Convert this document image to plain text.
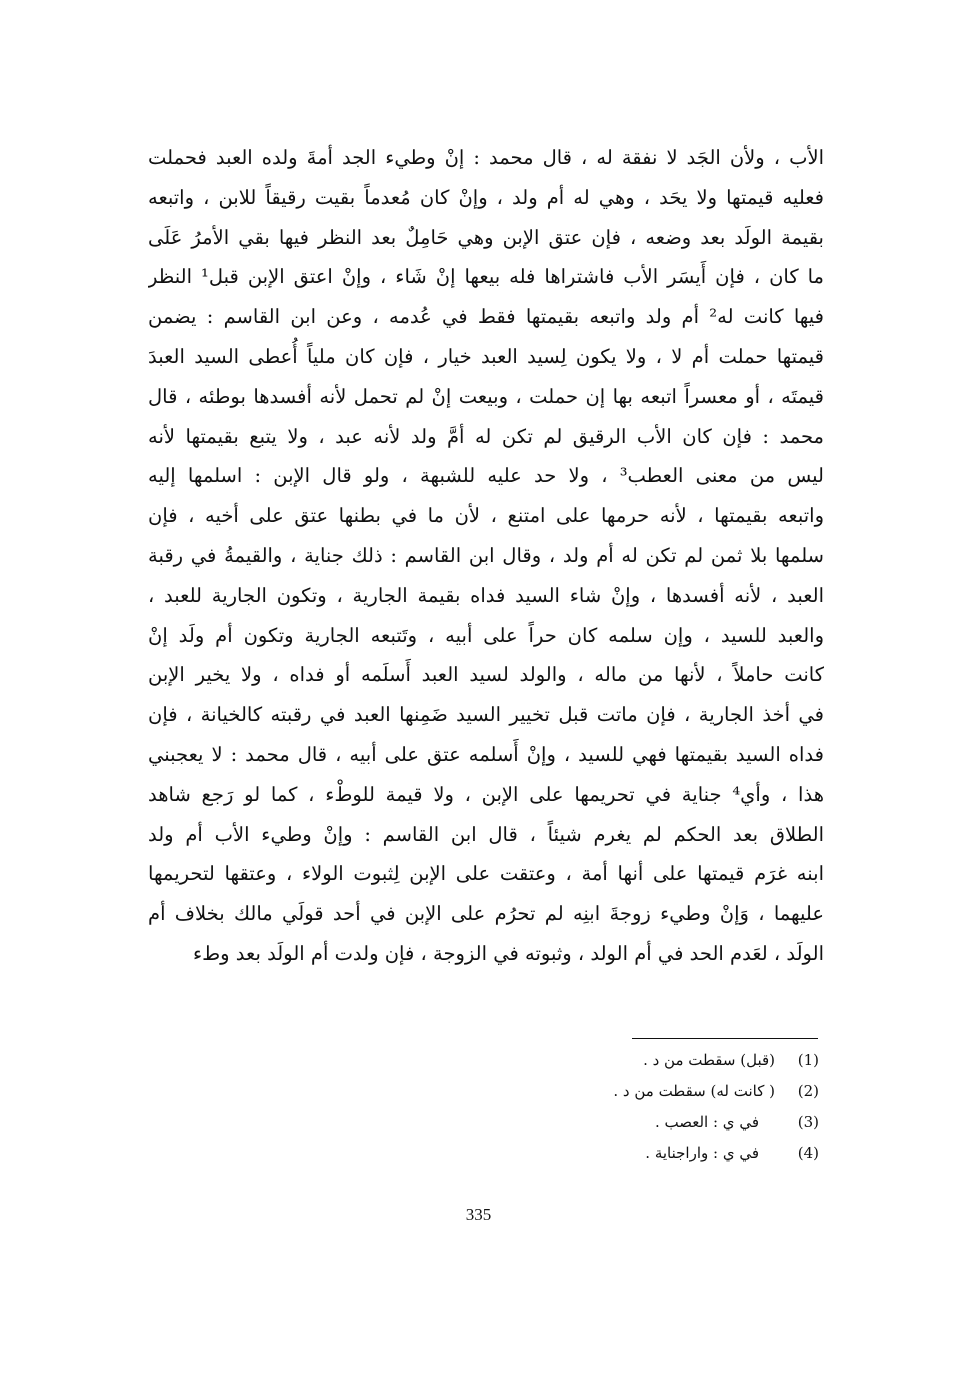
الأب ، ولأن الجَد لا نفقة له ، قال محمد : إنْ وطيء الجد أمةَ ولده العبد فحملت
فعليه قيمتها ولا يحَد ، وهي له أم ولد ، وإنْ كان مُعدماً بقيت رقيقاً للابن ، واتبعه
بقيمة الولَد بعد وضعه ، فإن عتق الإبن وهي حَامِلٌ بعد النظر فيها بقي الأمرُ عَلَى
ما كان ، فإن أَيسَر الأب فاشتراها فله بيعها إنْ شَاء ، وإنْ اعتق الإبن قبل¹ النظر
فيها كانت له² أم ولد واتبعه بقيمتها فقط في عُدمه ، وعن ابن القاسم : يضمن
قيمتها حملت أم لا ، ولا يكون لِسيد العبد خيار ، فإن كان ملياً أُعطى السيد العبدَ
قيمتَه ، أو معسراً اتبعه بها إن حملت ، وبيعت إنْ لم تحمل لأنه أفسدها بوطئه ، قال
محمد : فإن كان الأب الرقيق لم تكن له أمَّ ولد لأنه عبد ، ولا يتبع بقيمتها لأنه
ليس من معنى العطب³ ، ولا حد عليه للشبهة ، ولو قال الإبن : اسلمها إليه
واتبعه بقيمتها ، لأنه حرمها على امتنع ، لأن ما في بطنها عتق على أخيه ، فإن
سلمها بلا ثمن لم تكن له أم ولد ، وقال ابن القاسم : ذلك جناية ، والقيمةُ في رقبة
العبد ، لأنه أفسدها ، وإنْ شاء السيد فداه بقيمة الجارية ، وتكون الجارية للعبد ،
والعبد للسيد ، وإن سلمه كان حراً على أبيه ، وتَتبعه الجارية وتكون أم ولَد إنْ
كانت حاملاً ، لأنها من ماله ، والولد لسيد العبد أَسلَمه أو فداه ، ولا يخير الإبن
في أخذ الجارية ، فإن ماتت قبل تخيير السيد ضَمِنها العبد في رقبته كالخيانة ، فإن
فداه السيد بقيمتها فهي للسيد ، وإنْ أَسلمه عتق على أبيه ، قال محمد : لا يعجبني
هذا ، وأي⁴ جناية في تحريمها على الإبن ، ولا قيمة للوطْء ، كما لو رَجع شاهد
الطلاق بعد الحكم لم يغرم شيئاً ، قال ابن القاسم : وإنْ وطيء الأب أم ولد
ابنه غرَم قيمتها على أنها أمة ، وعتقت على الإبن لِثبوت الولاء ، وعتقها لتحريمها
عليهما ، وَإنْ وطيء زوجةَ ابنِه لم تحرُم على الإبن في أحد قولَي مالك بخلاف أم
الولَد ، لعَدم الحد في أم الولد ، وثبوته في الزوجة ، فإن ولدت أم الولَد بعد وطء
(1)
(قبل) سقطت من د .
(2)
( كانت له) سقطت من د .
(3)
في ي : العصب .
(4)
في ي : واراجناية .
335
